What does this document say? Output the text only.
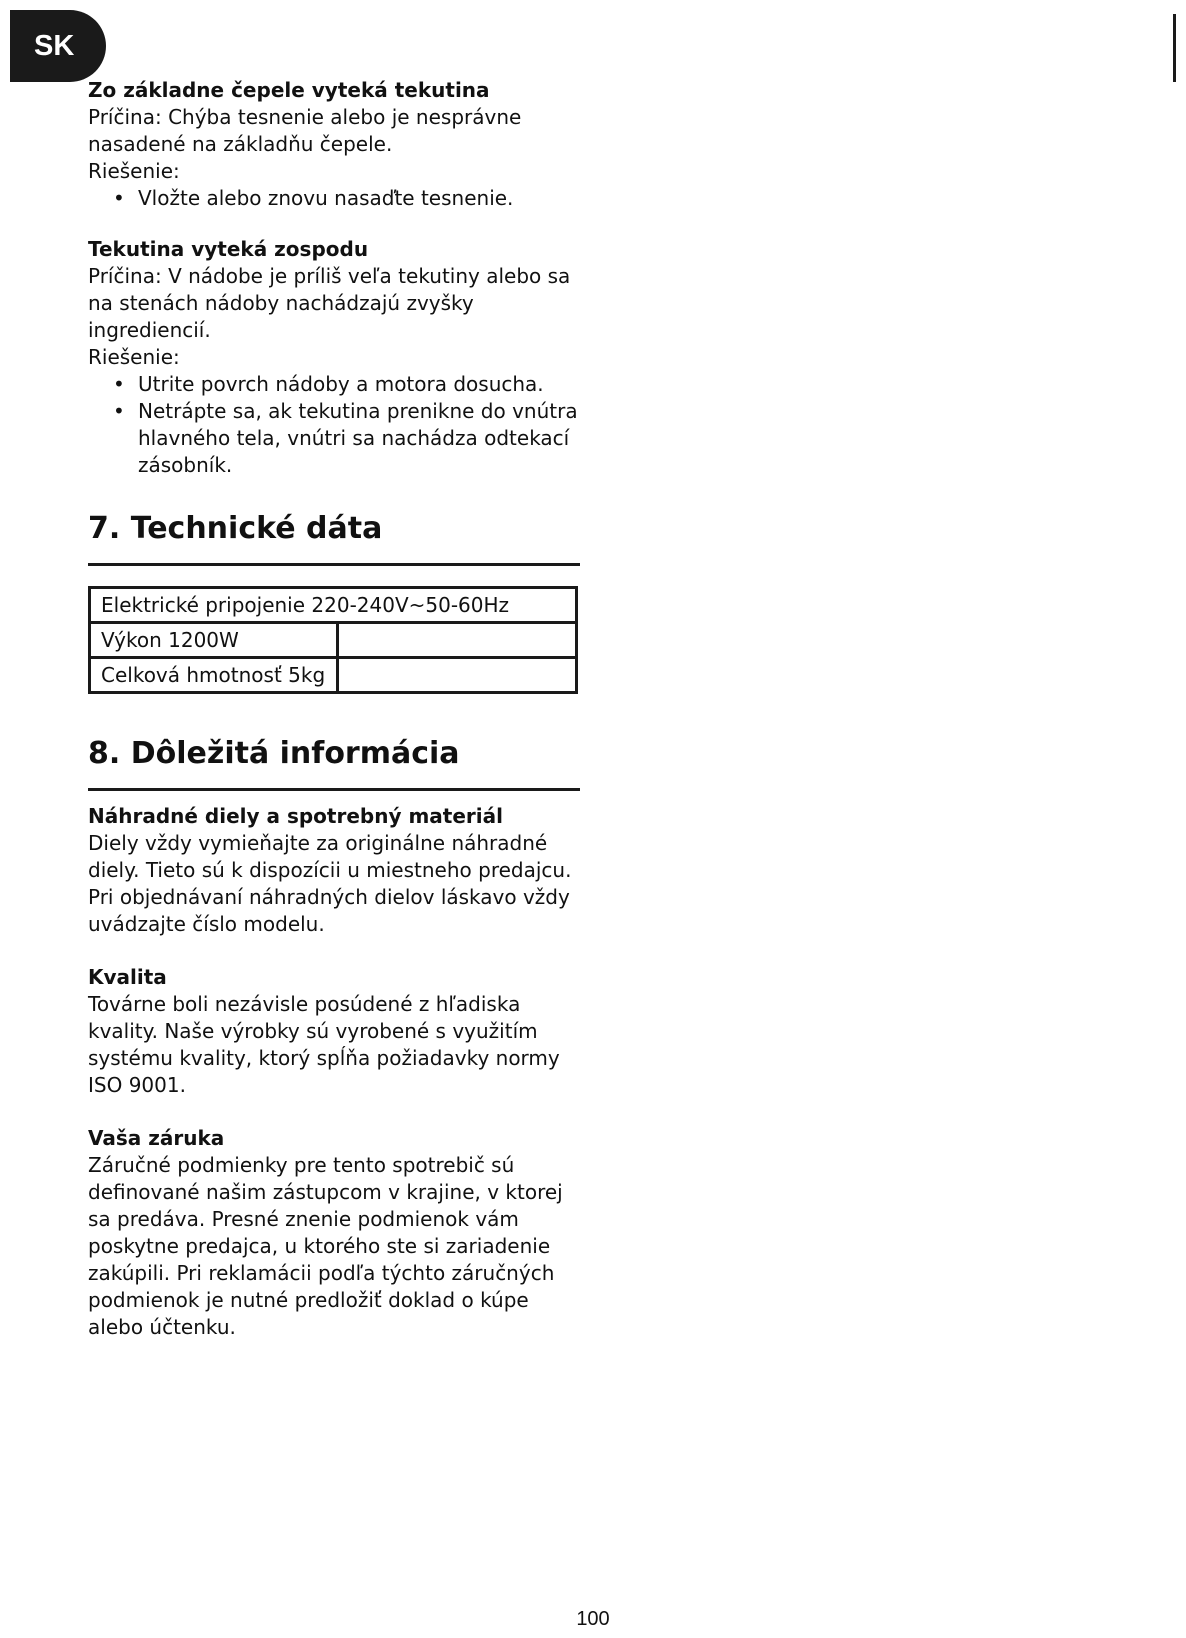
SK

Zo základne čepele vyteká tekutina

Príčina: Chýba tesnenie alebo je nesprávne nasadené na základňu čepele.

Riešenie:

• Vložte alebo znovu nasaďte tesnenie.

Tekutina vyteká zospodu

Príčina: V nádobe je príliš veľa tekutiny alebo sa na stenách nádoby nachádzajú zvyšky ingrediencií.

Riešenie:

• Utrite povrch nádoby a motora dosucha.
• Netrápte sa, ak tekutina prenikne do vnútra hlavného tela, vnútri sa nachádza odtekací zásobník.
7. Technické dáta
Elektrické pripojenie 220-240V~50-60Hz	
Výkon 1200W	
Celková hmotnosť 5kg	
8. Dôležitá informácia

Náhradné diely a spotrebný materiál

Diely vždy vymieňajte za originálne náhradné diely. Tieto sú k dispozícii u miestneho predajcu. Pri objednávaní náhradných dielov láskavo vždy uvádzajte číslo modelu.

Kvalita

Továrne boli nezávisle posúdené z hľadiska kvality. Naše výrobky sú vyrobené s využitím systému kvality, ktorý spĺňa požiadavky normy ISO 9001.

Vaša záruka

Záručné podmienky pre tento spotrebič sú definované našim zástupcom v krajine, v ktorej sa predáva. Presné znenie podmienok vám poskytne predajca, u ktorého ste si zariadenie zakúpili. Pri reklamácii podľa týchto záručných podmienok je nutné predložiť doklad o kúpe alebo účtenku.

100
